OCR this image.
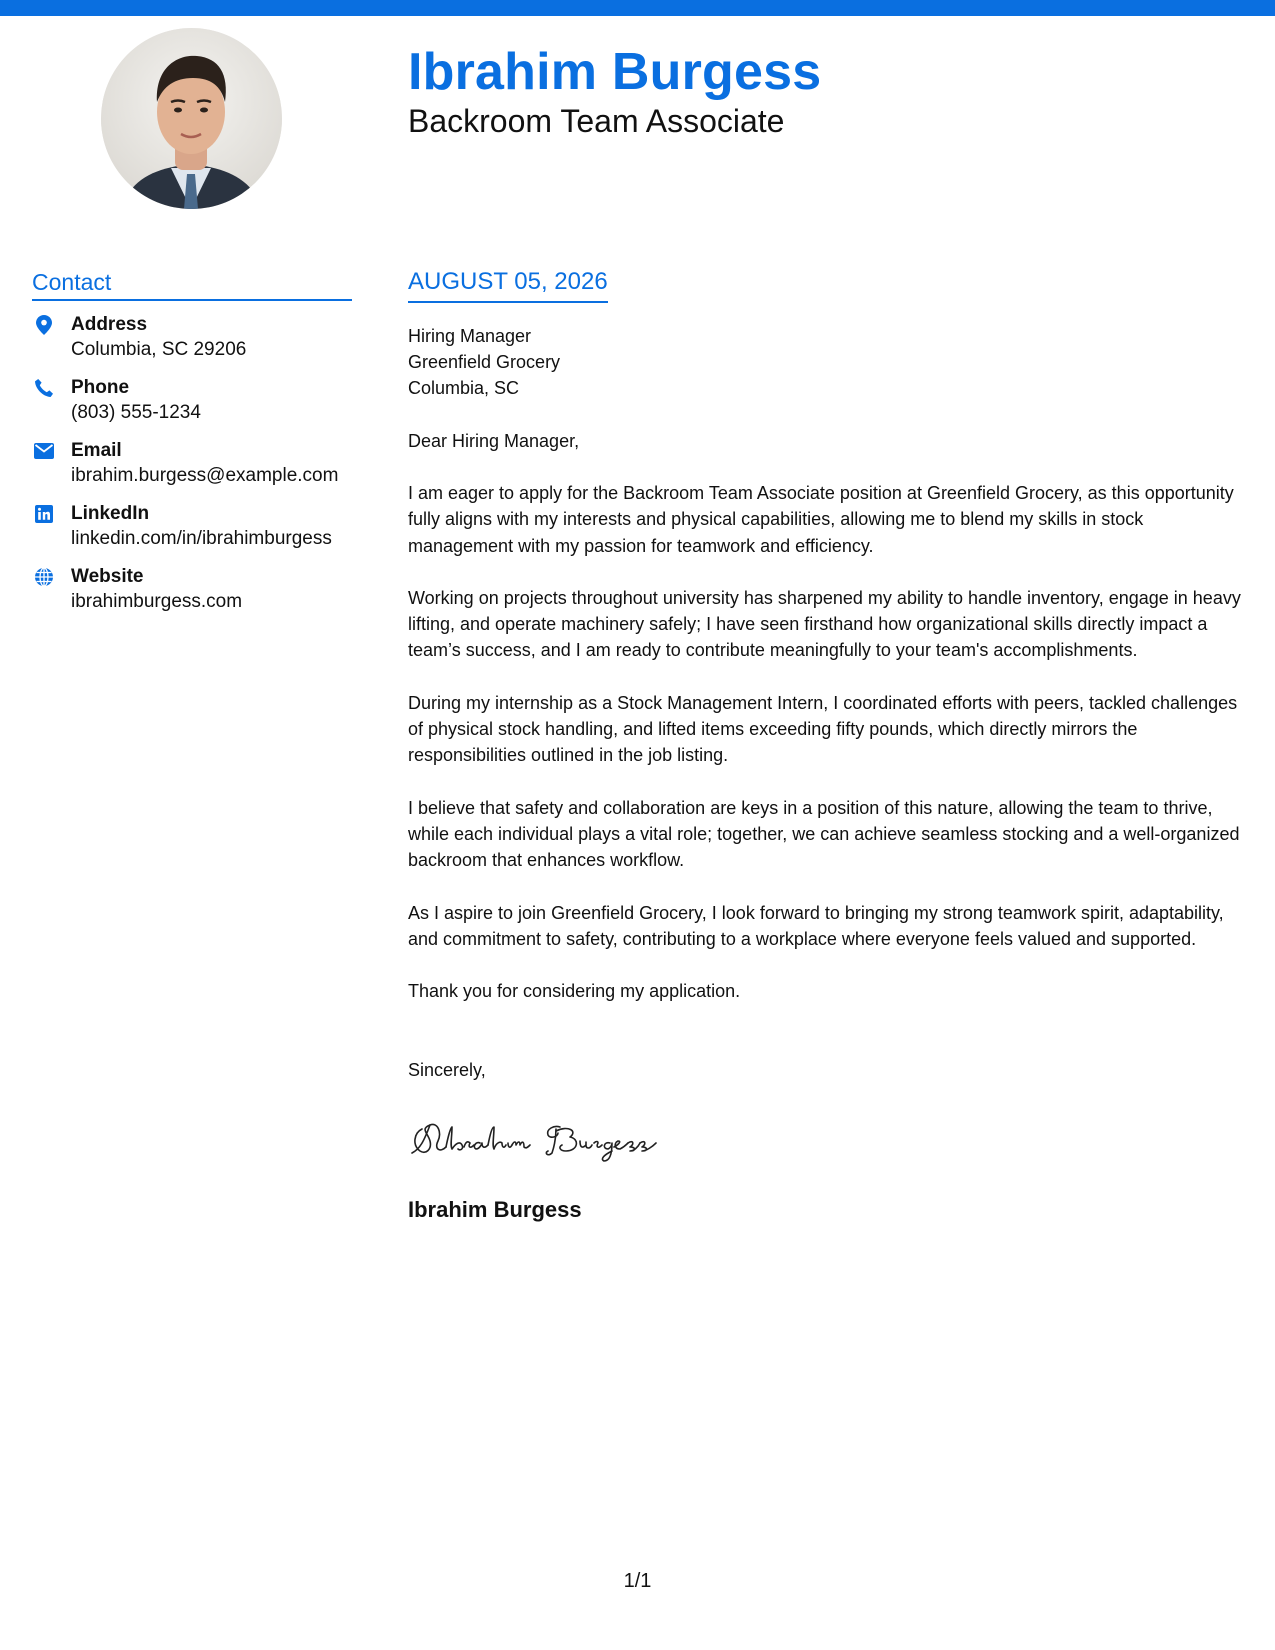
Ibrahim Burgess
Backroom Team Associate
Contact
Address
Columbia, SC 29206
Phone
(803) 555-1234
Email
ibrahim.burgess@example.com
LinkedIn
linkedin.com/in/ibrahimburgess
Website
ibrahimburgess.com
AUGUST 05, 2026
Hiring Manager
Greenfield Grocery
Columbia, SC
Dear Hiring Manager,

I am eager to apply for the Backroom Team Associate position at Greenfield Grocery, as this opportunity fully aligns with my interests and physical capabilities, allowing me to blend my skills in stock management with my passion for teamwork and efficiency.

Working on projects throughout university has sharpened my ability to handle inventory, engage in heavy lifting, and operate machinery safely; I have seen firsthand how organizational skills directly impact a team’s success, and I am ready to contribute meaningfully to your team's accomplishments.

During my internship as a Stock Management Intern, I coordinated efforts with peers, tackled challenges of physical stock handling, and lifted items exceeding fifty pounds, which directly mirrors the responsibilities outlined in the job listing.

I believe that safety and collaboration are keys in a position of this nature, allowing the team to thrive, while each individual plays a vital role; together, we can achieve seamless stocking and a well-organized backroom that enhances workflow.

As I aspire to join Greenfield Grocery, I look forward to bringing my strong teamwork spirit, adaptability, and commitment to safety, contributing to a workplace where everyone feels valued and supported.

Thank you for considering my application.

Sincerely,
Ibrahim Burgess
1/1
